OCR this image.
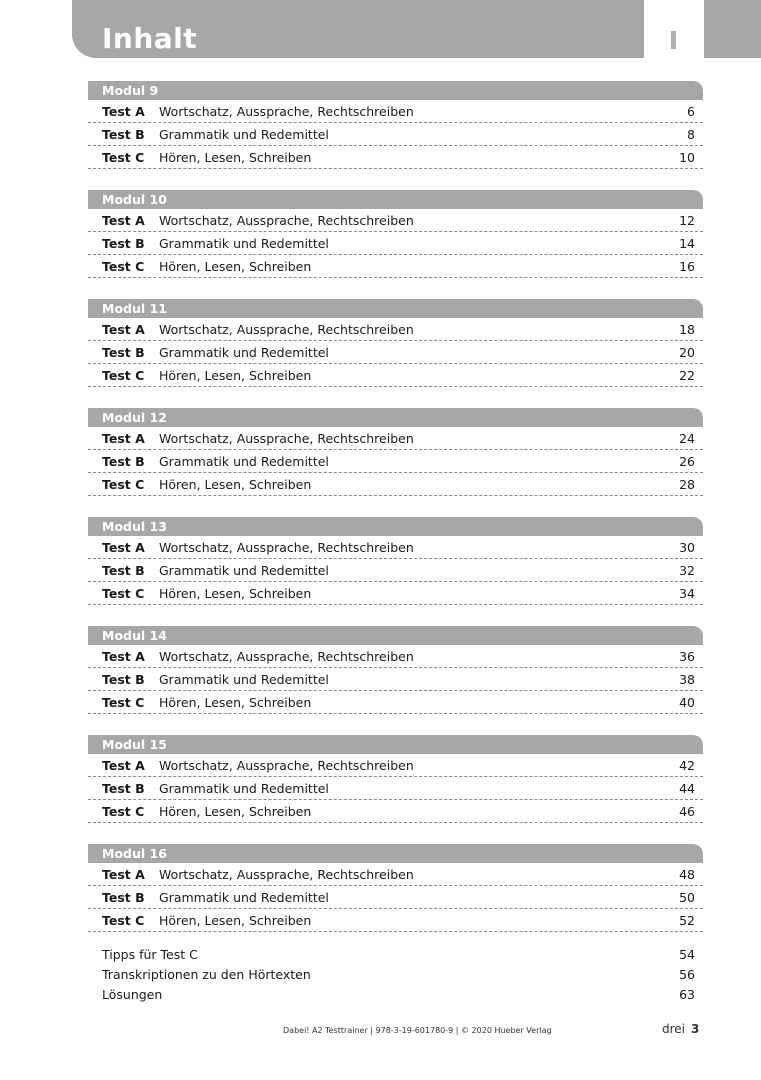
Inhalt
Modul 9
Test A	Wortschatz, Aussprache, Rechtschreiben	6
Test B	Grammatik und Redemittel	8
Test C	Hören, Lesen, Schreiben	10
Modul 10
Test A	Wortschatz, Aussprache, Rechtschreiben	12
Test B	Grammatik und Redemittel	14
Test C	Hören, Lesen, Schreiben	16
Modul 11
Test A	Wortschatz, Aussprache, Rechtschreiben	18
Test B	Grammatik und Redemittel	20
Test C	Hören, Lesen, Schreiben	22
Modul 12
Test A	Wortschatz, Aussprache, Rechtschreiben	24
Test B	Grammatik und Redemittel	26
Test C	Hören, Lesen, Schreiben	28
Modul 13
Test A	Wortschatz, Aussprache, Rechtschreiben	30
Test B	Grammatik und Redemittel	32
Test C	Hören, Lesen, Schreiben	34
Modul 14
Test A	Wortschatz, Aussprache, Rechtschreiben	36
Test B	Grammatik und Redemittel	38
Test C	Hören, Lesen, Schreiben	40
Modul 15
Test A	Wortschatz, Aussprache, Rechtschreiben	42
Test B	Grammatik und Redemittel	44
Test C	Hören, Lesen, Schreiben	46
Modul 16
Test A	Wortschatz, Aussprache, Rechtschreiben	48
Test B	Grammatik und Redemittel	50
Test C	Hören, Lesen, Schreiben	52
Tipps für Test C	54
Transkriptionen zu den Hörtexten	56
Lösungen	63
Dabei! A2 Testtrainer | 978-3-19-601780-9 | © 2020 Hueber Verlag	drei 3
